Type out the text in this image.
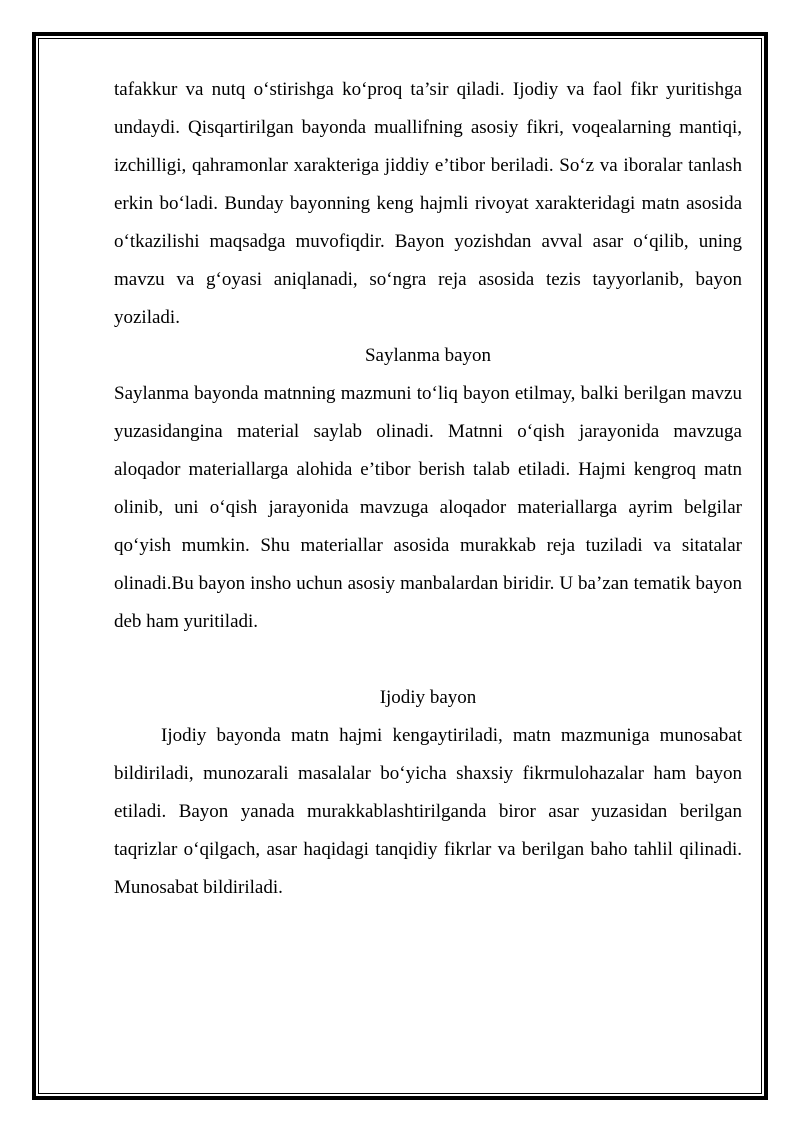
tafakkur va nutq o‘stirishga ko‘proq ta’sir qiladi. Ijodiy va faol fikr yuritishga undaydi. Qisqartirilgan bayonda muallifning asosiy fikri, voqealarning mantiqi, izchilligi, qahramonlar xarakteriga jiddiy e’tibor beriladi. So‘z va iboralar tanlash erkin bo‘ladi. Bunday bayonning keng hajmli rivoyat xarakteridagi matn asosida o‘tkazilishi maqsadga muvofiqdir. Bayon yozishdan avval asar o‘qilib, uning mavzu va g‘oyasi aniqlanadi, so‘ngra reja asosida tezis tayyorlanib, bayon yoziladi.

Saylanma bayon

Saylanma bayonda matnning mazmuni to‘liq bayon etilmay, balki berilgan mavzu yuzasidangina material saylab olinadi. Matnni o‘qish jarayonida mavzuga aloqador materiallarga alohida e’tibor berish talab etiladi. Hajmi kengroq matn olinib, uni o‘qish jarayonida mavzuga aloqador materiallarga ayrim belgilar qo‘yish mumkin. Shu materiallar asosida murakkab reja tuziladi va sitatalar olinadi.Bu bayon insho uchun asosiy manbalardan biridir. U ba’zan tematik bayon deb ham yuritiladi.

Ijodiy bayon

Ijodiy bayonda matn hajmi kengaytiriladi, matn mazmuniga munosabat bildiriladi, munozarali masalalar bo‘yicha shaxsiy fikrmulohazalar ham bayon etiladi. Bayon yanada murakkablashtirilganda biror asar yuzasidan berilgan taqrizlar o‘qilgach, asar haqidagi tanqidiy fikrlar va berilgan baho tahlil qilinadi. Munosabat bildiriladi.
